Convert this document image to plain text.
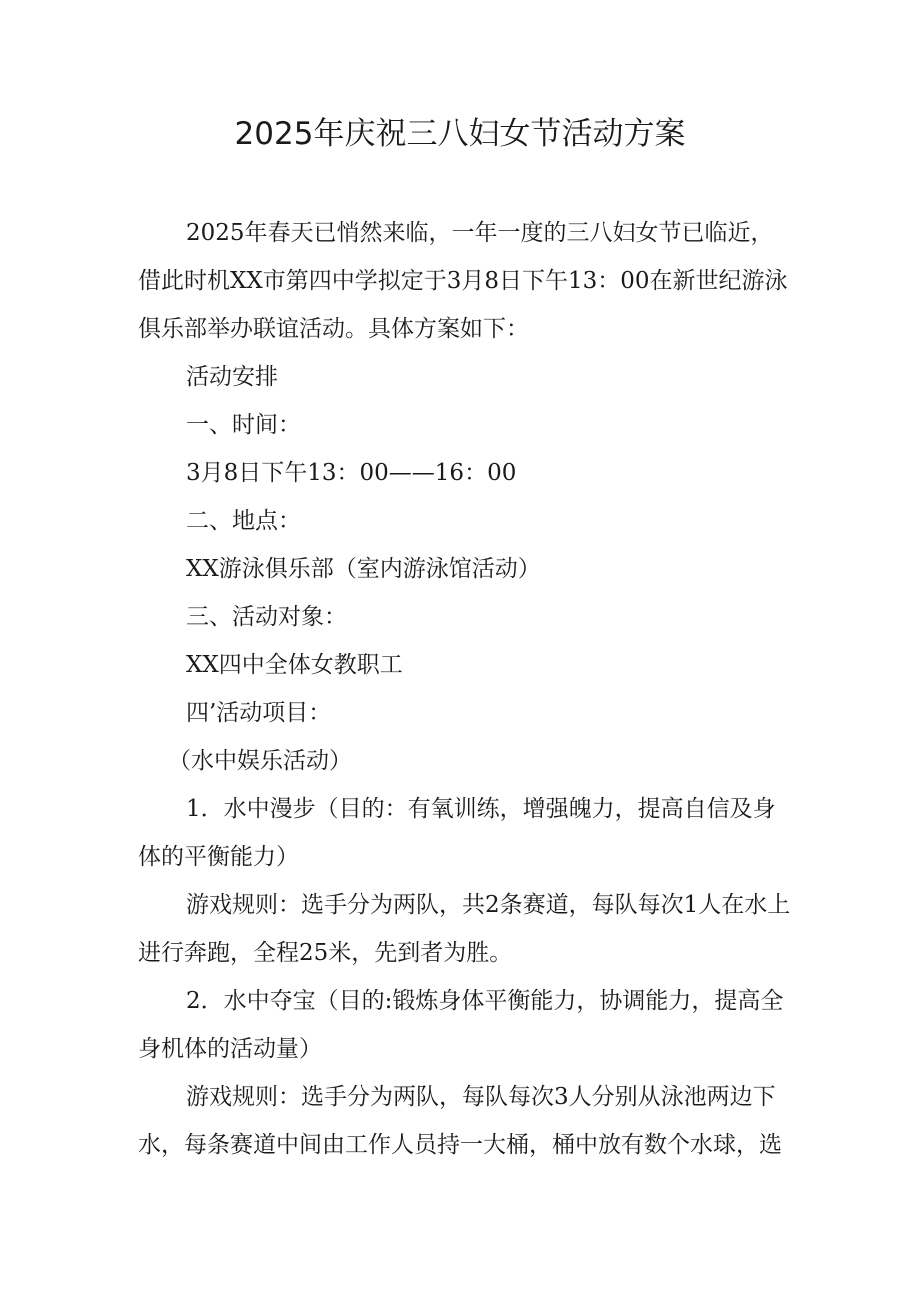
2025年庆祝三八妇女节活动方案

2025年春天已悄然来临，一年一度的三八妇女节已临近，借此时机XX市第四中学拟定于3月8日下午13：00在新世纪游泳俱乐部举办联谊活动。具体方案如下：

活动安排

一、时间：

3月8日下午13：00——16：00

二、地点：

XX游泳俱乐部（室内游泳馆活动）

三、活动对象：

XX四中全体女教职工

四’活动项目：

（水中娱乐活动）

1．水中漫步（目的：有氧训练，增强魄力，提高自信及身体的平衡能力）

游戏规则：选手分为两队，共2条赛道，每队每次1人在水上进行奔跑，全程25米，先到者为胜。

2．水中夺宝（目的:锻炼身体平衡能力，协调能力，提高全身机体的活动量）

游戏规则：选手分为两队，每队每次3人分别从泳池两边下水，每条赛道中间由工作人员持一大桶，桶中放有数个水球，选
